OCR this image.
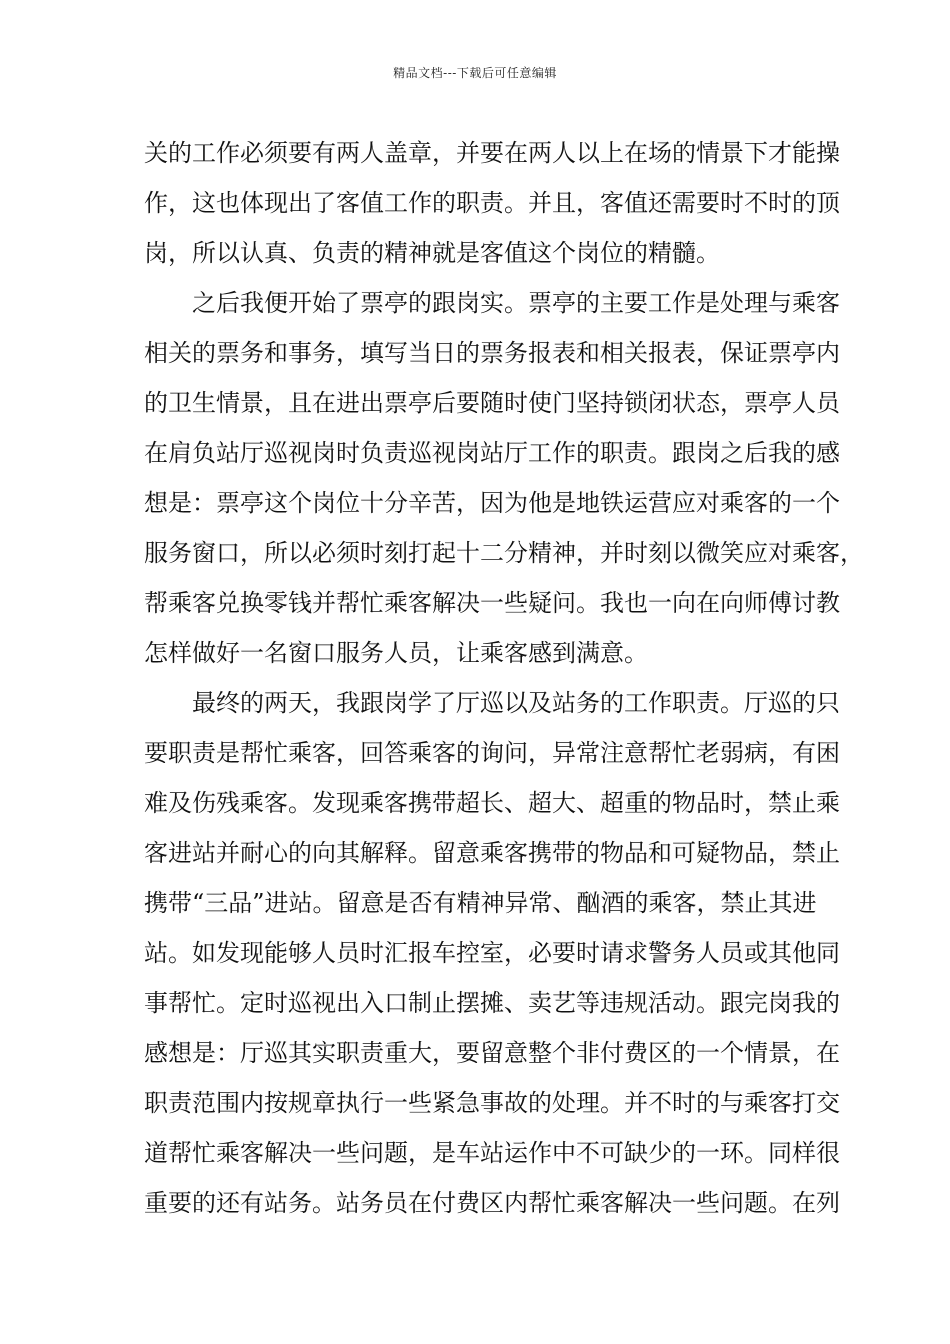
精品文档---下载后可任意编辑
关的工作必须要有两人盖章，并要在两人以上在场的情景下才能操
作，这也体现出了客值工作的职责。并且，客值还需要时不时的顶
岗，所以认真、负责的精神就是客值这个岗位的精髓。
之后我便开始了票亭的跟岗实。票亭的主要工作是处理与乘客
相关的票务和事务，填写当日的票务报表和相关报表，保证票亭内
的卫生情景，且在进出票亭后要随时使门坚持锁闭状态，票亭人员
在肩负站厅巡视岗时负责巡视岗站厅工作的职责。跟岗之后我的感
想是：票亭这个岗位十分辛苦，因为他是地铁运营应对乘客的一个
服务窗口，所以必须时刻打起十二分精神，并时刻以微笑应对乘客，
帮乘客兑换零钱并帮忙乘客解决一些疑问。我也一向在向师傅讨教
怎样做好一名窗口服务人员，让乘客感到满意。
最终的两天，我跟岗学了厅巡以及站务的工作职责。厅巡的只
要职责是帮忙乘客，回答乘客的询问，异常注意帮忙老弱病，有困
难及伤残乘客。发现乘客携带超长、超大、超重的物品时，禁止乘
客进站并耐心的向其解释。留意乘客携带的物品和可疑物品，禁止
携带“三品”进站。留意是否有精神异常、酗酒的乘客，禁止其进
站。如发现能够人员时汇报车控室，必要时请求警务人员或其他同
事帮忙。定时巡视出入口制止摆摊、卖艺等违规活动。跟完岗我的
感想是：厅巡其实职责重大，要留意整个非付费区的一个情景，在
职责范围内按规章执行一些紧急事故的处理。并不时的与乘客打交
道帮忙乘客解决一些问题，是车站运作中不可缺少的一环。同样很
重要的还有站务。站务员在付费区内帮忙乘客解决一些问题。在列
